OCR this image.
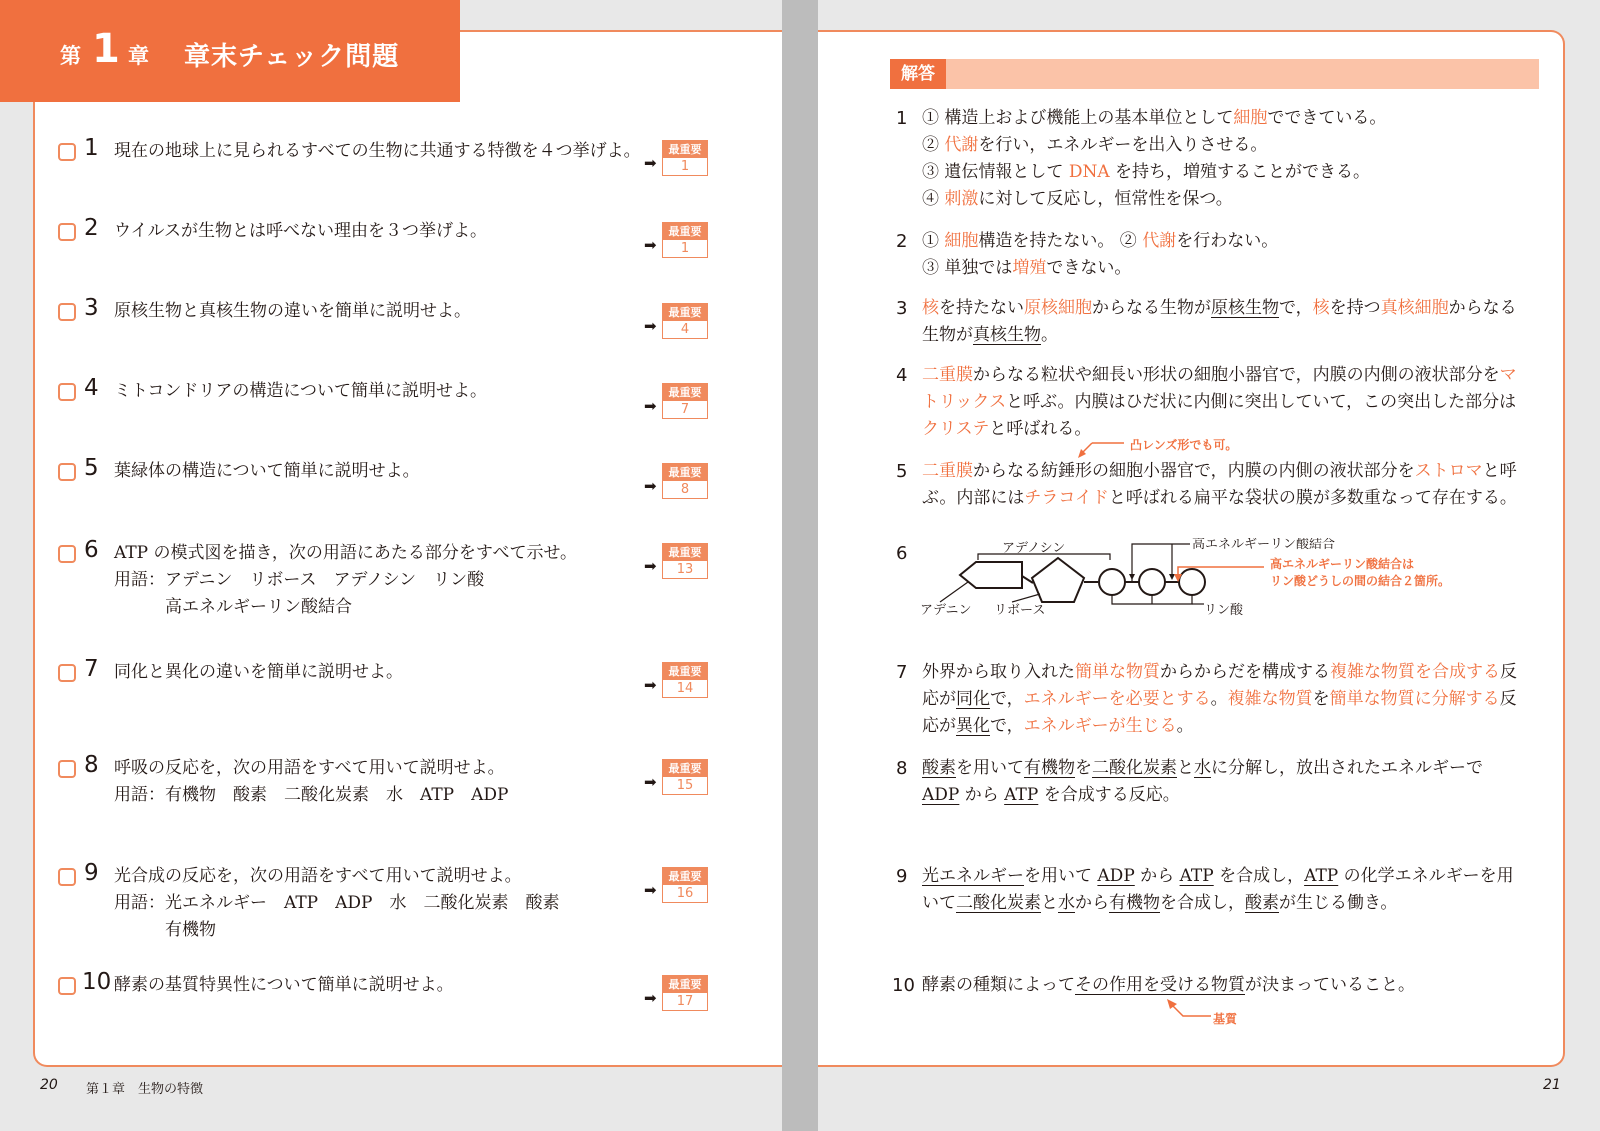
第 1 章 章末チェック問題
1 現在の地球上に見られるすべての生物に共通する特徴を４つ挙げよ。
➡
最重要
1
2 ウイルスが生物とは呼べない理由を３つ挙げよ。
➡
最重要
1
3 原核生物と真核生物の違いを簡単に説明せよ。
➡
最重要
4
4 ミトコンドリアの構造について簡単に説明せよ。
➡
最重要
7
5 葉緑体の構造について簡単に説明せよ。
➡
最重要
8
6 ATP の模式図を描き，次の用語にあたる部分をすべて示せ。
用語：アデニン　リボース　アデノシン　リン酸
　　　高エネルギーリン酸結合
➡
最重要
13
7 同化と異化の違いを簡単に説明せよ。
➡
最重要
14
8 呼吸の反応を，次の用語をすべて用いて説明せよ。
用語：有機物　酸素　二酸化炭素　水　ATP　ADP
➡
最重要
15
9 光合成の反応を，次の用語をすべて用いて説明せよ。
用語：光エネルギー　ATP　ADP　水　二酸化炭素　酸素
　　　有機物
➡
最重要
16
10 酵素の基質特異性について簡単に説明せよ。
➡
最重要
17
解答
1 ① 構造上および機能上の基本単位として細胞でできている。
② 代謝を行い，エネルギーを出入りさせる。
③ 遺伝情報として DNA を持ち，増殖することができる。
④ 刺激に対して反応し，恒常性を保つ。
2 ① 細胞構造を持たない。 ② 代謝を行わない。
③ 単独では増殖できない。
3 核を持たない原核細胞からなる生物が原核生物で，核を持つ真核細胞からなる
生物が真核生物。
4 二重膜からなる粒状や細長い形状の細胞小器官で，内膜の内側の液状部分をマ
トリックスと呼ぶ。内膜はひだ状に内側に突出していて，この突出した部分は
クリステと呼ばれる。
凸レンズ形でも可。
5 二重膜からなる紡錘形の細胞小器官で，内膜の内側の液状部分をストロマと呼
ぶ。内部にはチラコイドと呼ばれる扁平な袋状の膜が多数重なって存在する。
6	アデノシン	高エネルギーリン酸結合
高エネルギーリン酸結合は
リン酸どうしの間の結合２箇所。
アデニン リボース	リン酸
7 外界から取り入れた簡単な物質からからだを構成する複雑な物質を合成する反
応が同化で，エネルギーを必要とする。複雑な物質を簡単な物質に分解する反
応が異化で，エネルギーが生じる。
8 酸素を用いて有機物を二酸化炭素と水に分解し，放出されたエネルギーで
ADP から ATP を合成する反応。
9 光エネルギーを用いて ADP から ATP を合成し，ATP の化学エネルギーを用
いて二酸化炭素と水から有機物を合成し，酸素が生じる働き。
10 酵素の種類によってその作用を受ける物質が決まっていること。
基質
20 第１章　生物の特徴	21
